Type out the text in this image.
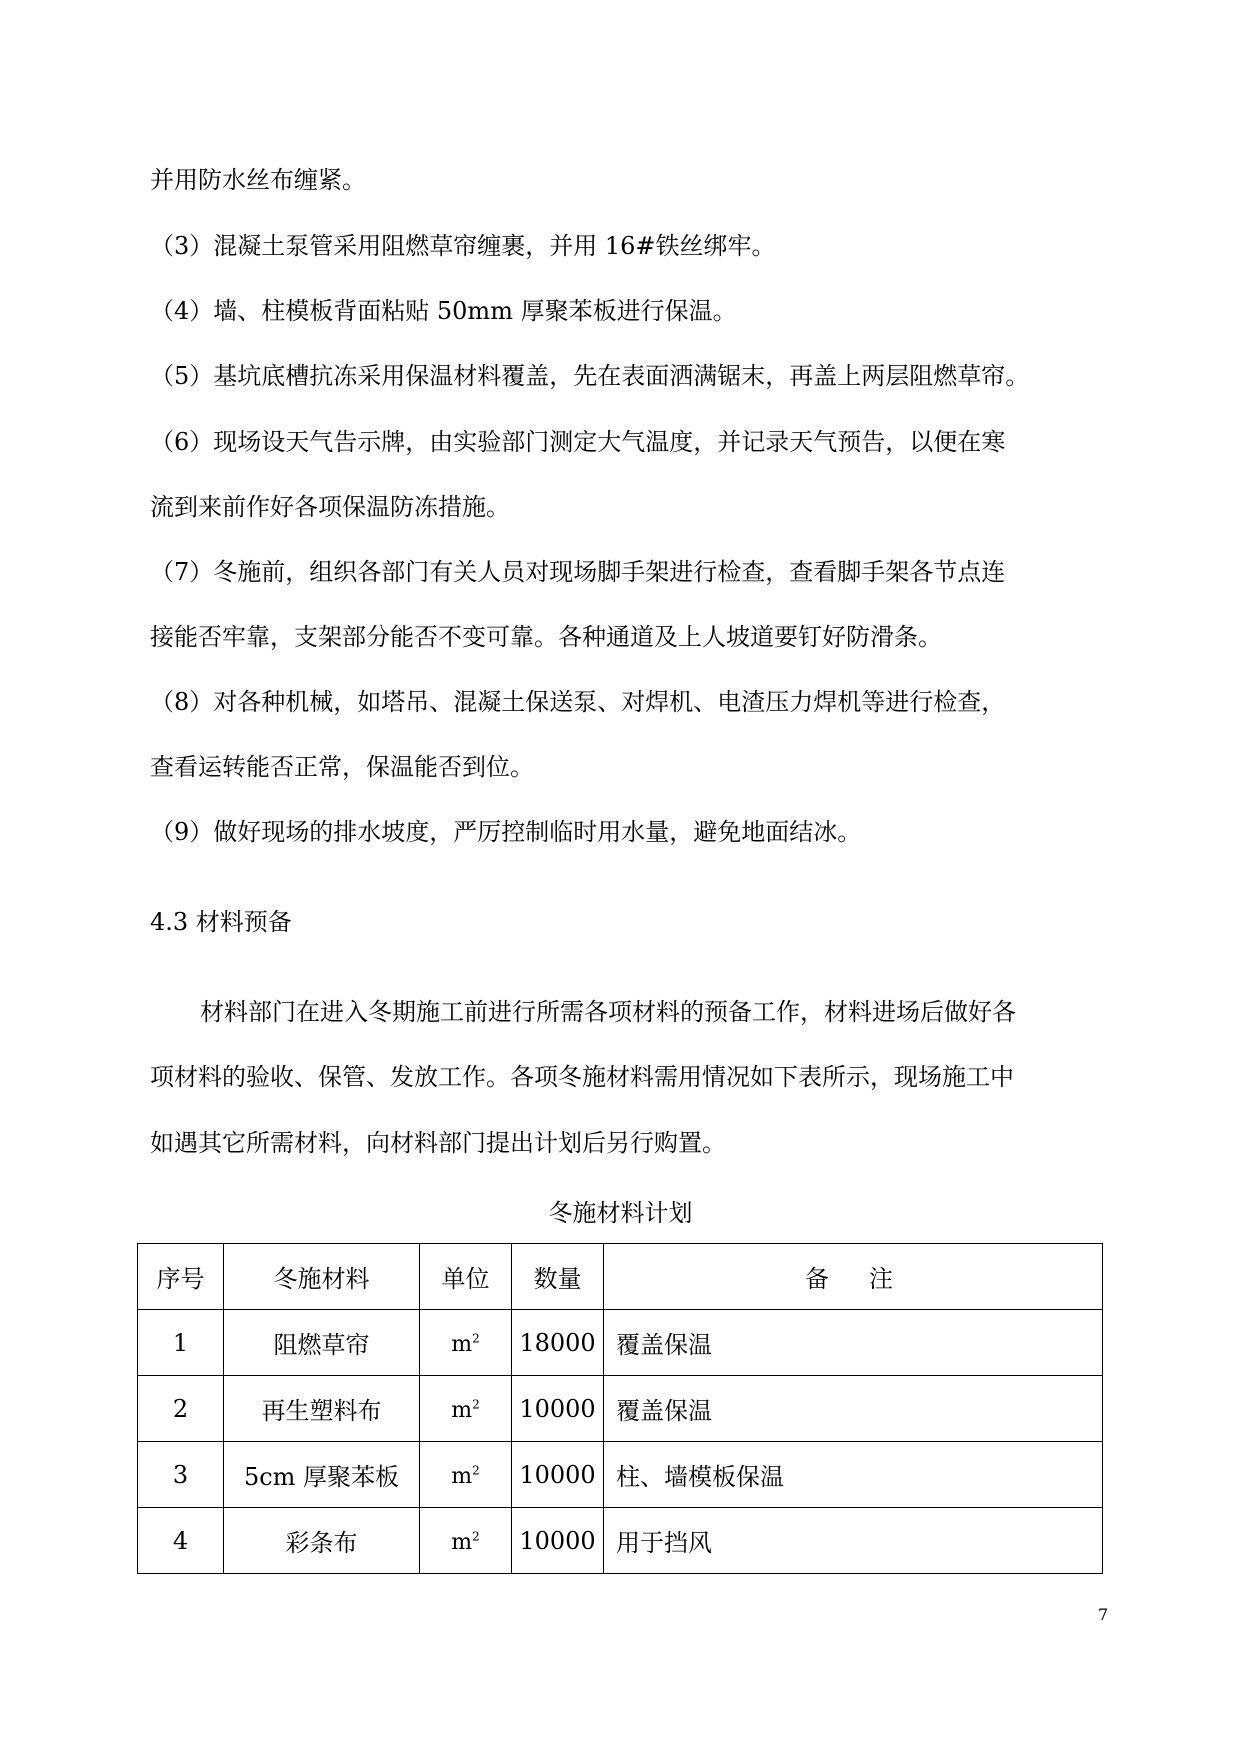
并用防水丝布缠紧。
（3）混凝土泵管采用阻燃草帘缠裹，并用 16#铁丝绑牢。
（4）墙、柱模板背面粘贴 50mm 厚聚苯板进行保温。
（5）基坑底槽抗冻采用保温材料覆盖，先在表面洒满锯末，再盖上两层阻燃草帘。
（6）现场设天气告示牌，由实验部门测定大气温度，并记录天气预告，以便在寒
流到来前作好各项保温防冻措施。
（7）冬施前，组织各部门有关人员对现场脚手架进行检查，查看脚手架各节点连
接能否牢靠，支架部分能否不变可靠。各种通道及上人坡道要钉好防滑条。
（8）对各种机械，如塔吊、混凝土保送泵、对焊机、电渣压力焊机等进行检查，
查看运转能否正常，保温能否到位。
（9）做好现场的排水坡度，严厉控制临时用水量，避免地面结冰。
4.3 材料预备
材料部门在进入冬期施工前进行所需各项材料的预备工作，材料进场后做好各
项材料的验收、保管、发放工作。各项冬施材料需用情况如下表所示，现场施工中
如遇其它所需材料，向材料部门提出计划后另行购置。
冬施材料计划
序号	冬施材料	单位	数量	备　注
1	阻燃草帘	$m^2$	18000	覆盖保温
2	再生塑料布	$m^2$	10000	覆盖保温
3	5cm 厚聚苯板	$m^2$	10000	柱、墙模板保温
4	彩条布	$m^2$	10000	用于挡风
7
